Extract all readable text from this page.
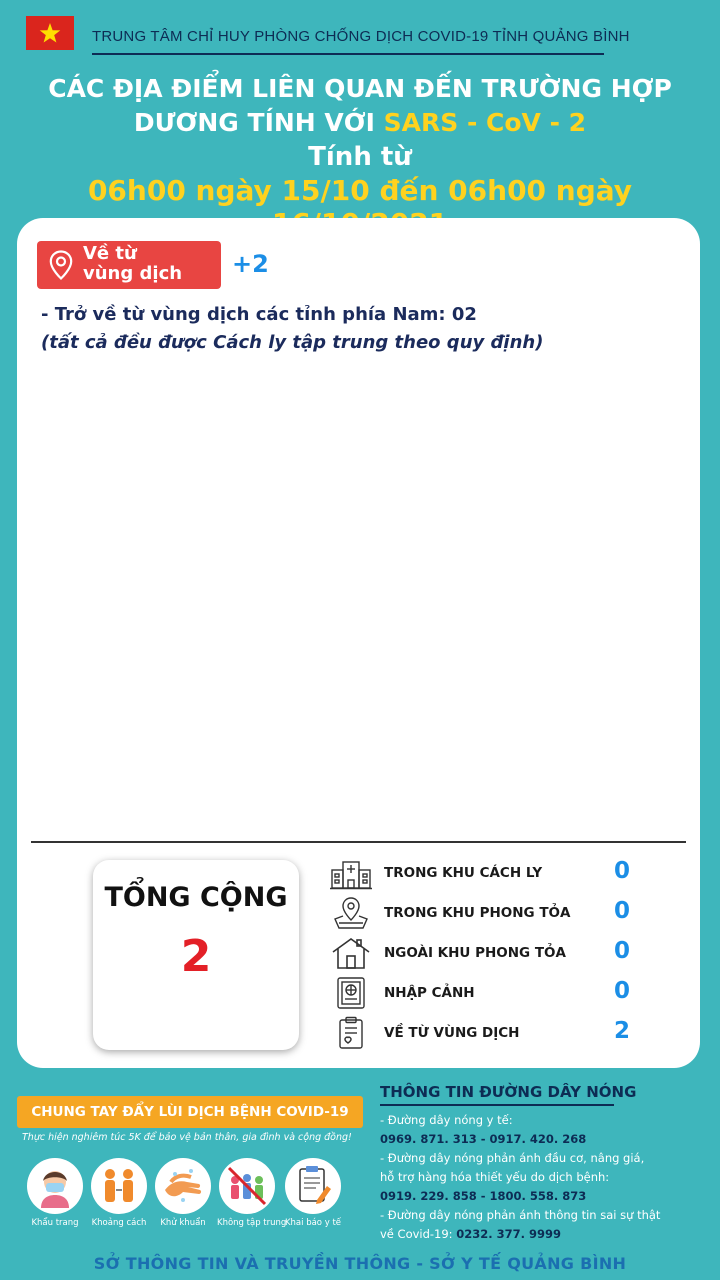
TRUNG TÂM CHỈ HUY PHÒNG CHỐNG DỊCH COVID-19 TỈNH QUẢNG BÌNH
CÁC ĐỊA ĐIỂM LIÊN QUAN ĐẾN TRƯỜNG HỢP
DƯƠNG TÍNH VỚI SARS - CoV - 2
Tính từ
06h00 ngày 15/10 đến 06h00 ngày
Về từ
vùng dịch +2
- Trở về từ vùng dịch các tỉnh phía Nam: 02
(tất cả đều được Cách ly tập trung theo quy định)
TỔNG CỘNG
2
TRONG KHU CÁCH LY	0
TRONG KHU PHONG TỎA 0
NGOÀI KHU PHONG TỎA 0
NHẬP CẢNH	0
VỀ TỪ VÙNG DỊCH	2
CHUNG TAY ĐẨY LÙI DỊCH BỆNH COVID-19
Thực hiện nghiêm túc 5K để bảo vệ bản thân, gia đình và cộng đồng!
Khẩu trang	Khoảng cách	Khử khuẩn	Không tập trung
Khai báo y tế
THÔNG TIN ĐƯỜNG DÂY NÓNG
- Đường dây nóng y tế:
0969. 871. 313 - 0917. 420. 268
- Đường dây nóng phản ánh đầu cơ, nâng giá,
hỗ trợ hàng hóa thiết yếu do dịch bệnh:
0919. 229. 858 - 1800. 558. 873
- Đường dây nóng phản ánh thông tin sai sự thật
về Covid-19: 0232. 377. 9999
SỞ THÔNG TIN VÀ TRUYỀN THÔNG - SỞ Y TẾ QUẢNG BÌNH
